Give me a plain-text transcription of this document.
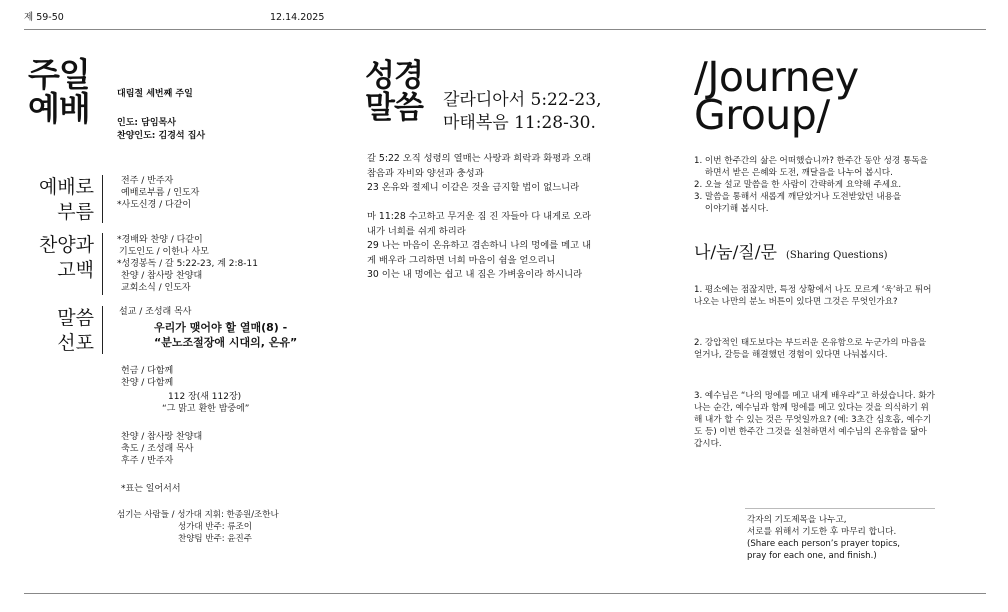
제 59-50	12.14.2025
주일
예배	대림절 세번째 주일
인도: 담임목사
찬양인도: 김경석 집사
예배로
부름
찬양과
고백
말씀
선포
전주 / 반주자
예배로부름 / 인도자
*사도신경 / 다같이
*경배와 찬양 / 다같이
기도인도 / 이한나 사모
*성경봉독 / 갈 5:22-23, 계 2:8-11
찬양 / 참사랑 찬양대
교회소식 / 인도자
설교 / 조성래 목사
우리가 맺어야 할 열매(8) -
“분노조절장애 시대의, 온유”
헌금 / 다함께
찬양 / 다함께
112 장(새 112장)
“그 맑고 환한 밤중에”
찬양 / 참사랑 찬양대
축도 / 조성래 목사
후주 / 반주자
*표는 일어서서
섬기는 사람들 / 성가대 지휘: 한종원/조한나
성가대 반주: 류조이
찬양팀 반주: 윤진주
성경
말씀 갈라디아서 5:22-23,
마태복음 11:28-30.
갈 5:22 오직 성령의 열매는 사랑과 희락과 화평과 오래
참음과 자비와 양선과 충성과
23 온유와 절제니 이같은 것을 금지할 법이 없느니라
마 11:28 수고하고 무거운 짐 진 자들아 다 내게로 오라
내가 너희를 쉬게 하리라
29 나는 마음이 온유하고 겸손하니 나의 멍에를 메고 내
게 배우라 그리하면 너희 마음이 쉼을 얻으리니
30 이는 내 멍에는 쉽고 내 짐은 가벼움이라 하시니라
/Journey
Group/
1. 이번 한주간의 삶은 어떠했습니까? 한주간 동안 성경 통독을
하면서 받은 은혜와 도전, 깨달음을 나누어 봅시다.
2. 오늘 설교 말씀을 한 사람이 간략하게 요약해 주세요.
3. 말씀을 통해서 새롭게 깨닫았거나 도전받았던 내용을
이야기해 봅시다.
나/눔/질/문 (Sharing Questions)
1. 평소에는 점잖지만, 특정 상황에서 나도 모르게 ‘욱’하고 튀어
나오는 나만의 분노 버튼이 있다면 그것은 무엇인가요?
2. 강압적인 태도보다는 부드러운 온유함으로 누군가의 마음을
얻거나, 갈등을 해결했던 경험이 있다면 나눠봅시다.
3. 예수님은 “나의 멍에를 메고 내게 배우라”고 하셨습니다. 화가
나는 순간, 예수님과 함께 멍에를 메고 있다는 것을 의식하기 위
해 내가 할 수 있는 것은 무엇일까요? (예: 3초간 심호흡, 예수기
도 등) 이번 한주간 그것을 실천하면서 예수님의 온유함을 닮아
갑시다.
각자의 기도제목을 나누고,
서로를 위해서 기도한 후 마무리 합니다.
(Share each person’s prayer topics,
pray for each one, and finish.)
